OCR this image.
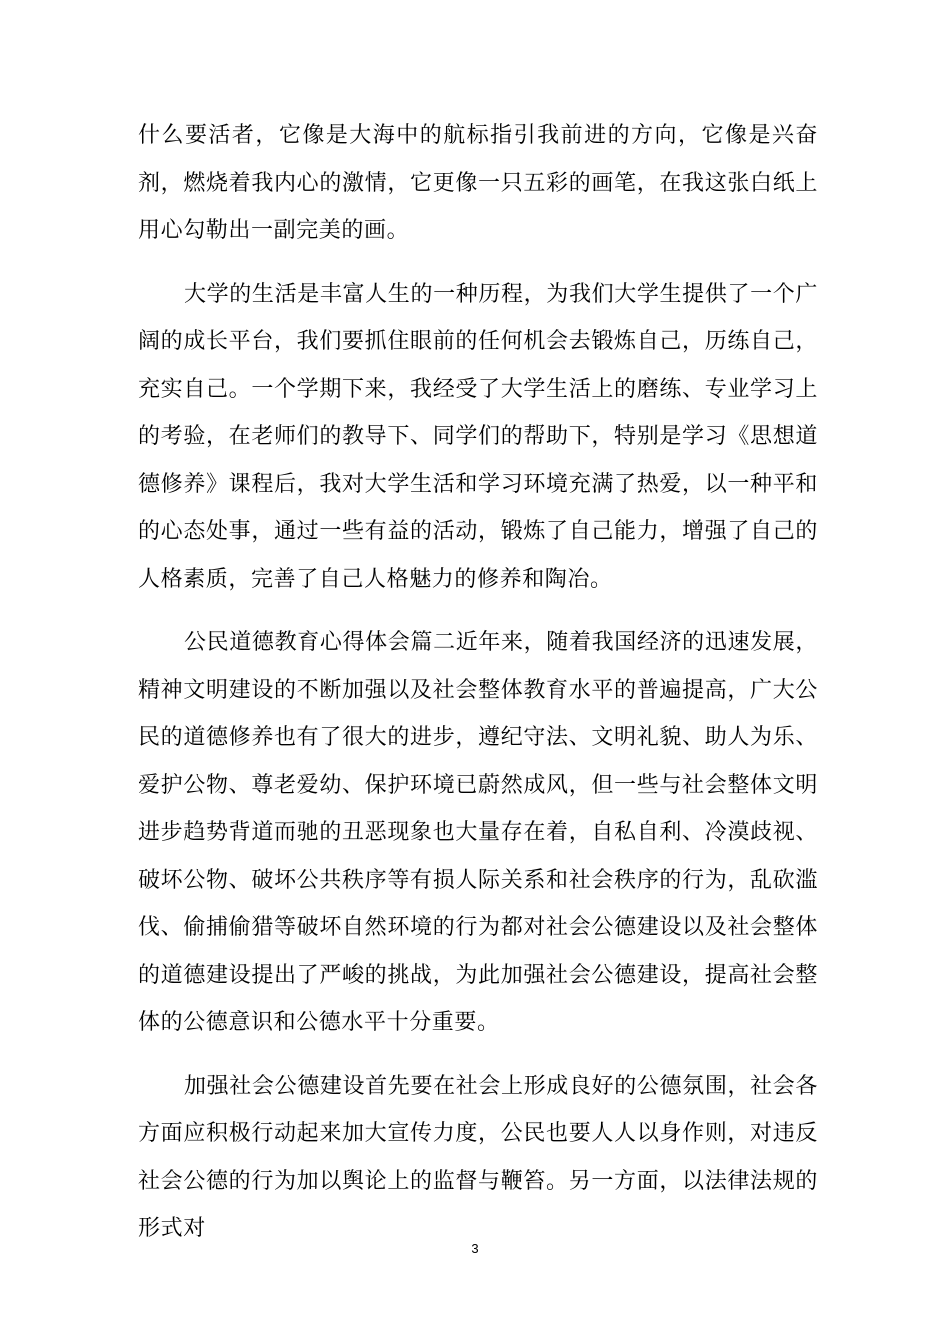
什么要活者，它像是大海中的航标指引我前进的方向，它像是兴奋剂，燃烧着我内心的激情，它更像一只五彩的画笔，在我这张白纸上用心勾勒出一副完美的画。

大学的生活是丰富人生的一种历程，为我们大学生提供了一个广阔的成长平台，我们要抓住眼前的任何机会去锻炼自己，历练自己，充实自己。一个学期下来，我经受了大学生活上的磨练、专业学习上的考验，在老师们的教导下、同学们的帮助下，特别是学习《思想道德修养》课程后，我对大学生活和学习环境充满了热爱，以一种平和的心态处事，通过一些有益的活动，锻炼了自己能力，增强了自己的人格素质，完善了自己人格魅力的修养和陶冶。

公民道德教育心得体会篇二近年来，随着我国经济的迅速发展，精神文明建设的不断加强以及社会整体教育水平的普遍提高，广大公民的道德修养也有了很大的进步，遵纪守法、文明礼貌、助人为乐、爱护公物、尊老爱幼、保护环境已蔚然成风，但一些与社会整体文明进步趋势背道而驰的丑恶现象也大量存在着，自私自利、冷漠歧视、破坏公物、破坏公共秩序等有损人际关系和社会秩序的行为，乱砍滥伐、偷捕偷猎等破坏自然环境的行为都对社会公德建设以及社会整体的道德建设提出了严峻的挑战，为此加强社会公德建设，提高社会整体的公德意识和公德水平十分重要。

加强社会公德建设首先要在社会上形成良好的公德氛围，社会各方面应积极行动起来加大宣传力度，公民也要人人以身作则，对违反社会公德的行为加以舆论上的监督与鞭笞。另一方面，以法律法规的形式对

3
